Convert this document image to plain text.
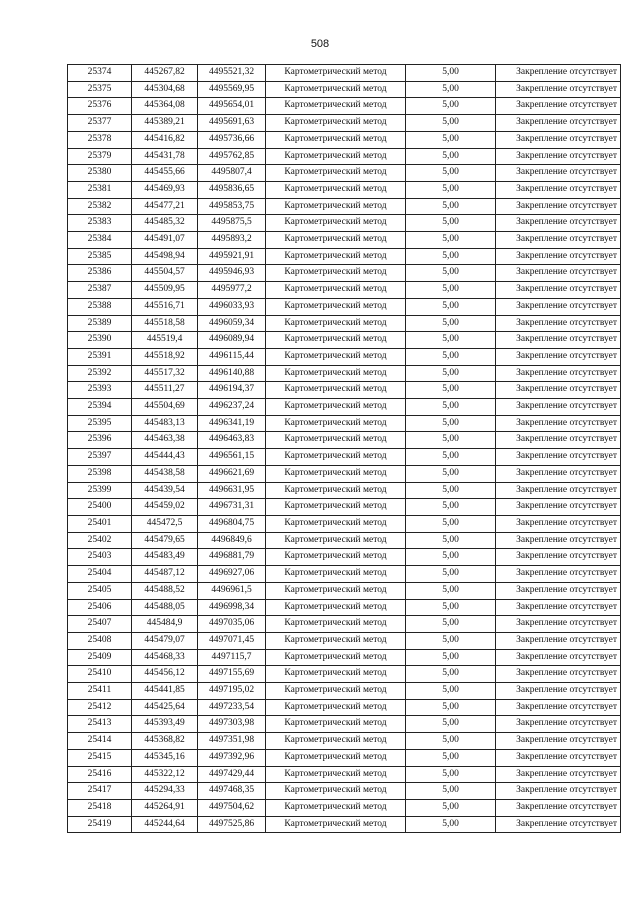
508
25374	445267,82	4495521,32	Картометрический метод	5,00	Закрепление отсутствует
25375	445304,68	4495569,95	Картометрический метод	5,00	Закрепление отсутствует
25376	445364,08	4495654,01	Картометрический метод	5,00	Закрепление отсутствует
25377	445389,21	4495691,63	Картометрический метод	5,00	Закрепление отсутствует
25378	445416,82	4495736,66	Картометрический метод	5,00	Закрепление отсутствует
25379	445431,78	4495762,85	Картометрический метод	5,00	Закрепление отсутствует
25380	445455,66	4495807,4	Картометрический метод	5,00	Закрепление отсутствует
25381	445469,93	4495836,65	Картометрический метод	5,00	Закрепление отсутствует
25382	445477,21	4495853,75	Картометрический метод	5,00	Закрепление отсутствует
25383	445485,32	4495875,5	Картометрический метод	5,00	Закрепление отсутствует
25384	445491,07	4495893,2	Картометрический метод	5,00	Закрепление отсутствует
25385	445498,94	4495921,91	Картометрический метод	5,00	Закрепление отсутствует
25386	445504,57	4495946,93	Картометрический метод	5,00	Закрепление отсутствует
25387	445509,95	4495977,2	Картометрический метод	5,00	Закрепление отсутствует
25388	445516,71	4496033,93	Картометрический метод	5,00	Закрепление отсутствует
25389	445518,58	4496059,34	Картометрический метод	5,00	Закрепление отсутствует
25390	445519,4	4496089,94	Картометрический метод	5,00	Закрепление отсутствует
25391	445518,92	4496115,44	Картометрический метод	5,00	Закрепление отсутствует
25392	445517,32	4496140,88	Картометрический метод	5,00	Закрепление отсутствует
25393	445511,27	4496194,37	Картометрический метод	5,00	Закрепление отсутствует
25394	445504,69	4496237,24	Картометрический метод	5,00	Закрепление отсутствует
25395	445483,13	4496341,19	Картометрический метод	5,00	Закрепление отсутствует
25396	445463,38	4496463,83	Картометрический метод	5,00	Закрепление отсутствует
25397	445444,43	4496561,15	Картометрический метод	5,00	Закрепление отсутствует
25398	445438,58	4496621,69	Картометрический метод	5,00	Закрепление отсутствует
25399	445439,54	4496631,95	Картометрический метод	5,00	Закрепление отсутствует
25400	445459,02	4496731,31	Картометрический метод	5,00	Закрепление отсутствует
25401	445472,5	4496804,75	Картометрический метод	5,00	Закрепление отсутствует
25402	445479,65	4496849,6	Картометрический метод	5,00	Закрепление отсутствует
25403	445483,49	4496881,79	Картометрический метод	5,00	Закрепление отсутствует
25404	445487,12	4496927,06	Картометрический метод	5,00	Закрепление отсутствует
25405	445488,52	4496961,5	Картометрический метод	5,00	Закрепление отсутствует
25406	445488,05	4496998,34	Картометрический метод	5,00	Закрепление отсутствует
25407	445484,9	4497035,06	Картометрический метод	5,00	Закрепление отсутствует
25408	445479,07	4497071,45	Картометрический метод	5,00	Закрепление отсутствует
25409	445468,33	4497115,7	Картометрический метод	5,00	Закрепление отсутствует
25410	445456,12	4497155,69	Картометрический метод	5,00	Закрепление отсутствует
25411	445441,85	4497195,02	Картометрический метод	5,00	Закрепление отсутствует
25412	445425,64	4497233,54	Картометрический метод	5,00	Закрепление отсутствует
25413	445393,49	4497303,98	Картометрический метод	5,00	Закрепление отсутствует
25414	445368,82	4497351,98	Картометрический метод	5,00	Закрепление отсутствует
25415	445345,16	4497392,96	Картометрический метод	5,00	Закрепление отсутствует
25416	445322,12	4497429,44	Картометрический метод	5,00	Закрепление отсутствует
25417	445294,33	4497468,35	Картометрический метод	5,00	Закрепление отсутствует
25418	445264,91	4497504,62	Картометрический метод	5,00	Закрепление отсутствует
25419	445244,64	4497525,86	Картометрический метод	5,00	Закрепление отсутствует
